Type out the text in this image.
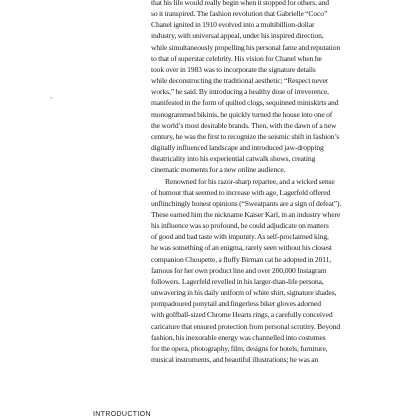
ʼ
that his life would really begin when it stopped for others, and
so it transpired. The fashion revolution that Gabrielle “Coco”
Chanel ignited in 1910 evolved into a multibillion-dollar
industry, with universal appeal, under his inspired direction,
while simultaneously propelling his personal fame and reputation
to that of superstar celebrity. His vision for Chanel when he
took over in 1983 was to incorporate the signature details
while deconstructing the traditional aesthetic; “Respect never
works,” he said. By introducing a healthy dose of irreverence,
manifested in the form of quilted clogs, sequinned miniskirts and
monogrammed bikinis, he quickly turned the house into one of
the world’s most desirable brands. Then, with the dawn of a new
century, he was the first to recognize the seismic shift in fashion’s
digitally influenced landscape and introduced jaw-dropping
theatricality into his experiential catwalk shows, creating
cinematic moments for a new online audience.
Renowned for his razor-sharp repartee, and a wicked sense
of humour that seemed to increase with age, Lagerfeld offered
unflinchingly honest opinions (“Sweatpants are a sign of defeat”).
These earned him the nickname Kaiser Karl, in an industry where
his influence was so profound, he could adjudicate on matters
of good and bad taste with impunity. As self-proclaimed king,
he was something of an enigma, rarely seen without his closest
companion Choupette, a fluffy Birman cat he adopted in 2011,
famous for her own product line and over 200,000 Instagram
followers. Lagerfeld revelled in his larger-than-life persona,
unwavering in his daily uniform of white shirt, signature shades,
pompadoured ponytail and fingerless biker gloves adorned
with golfball-sized Chrome Hearts rings, a carefully conceived
caricature that ensured protection from personal scrutiny. Beyond
fashion, his inexorable energy was channelled into costumes
for the opera, photography, film, designs for hotels, furniture,
musical instruments, and beautiful illustrations; he was an
INTRODUCTION
